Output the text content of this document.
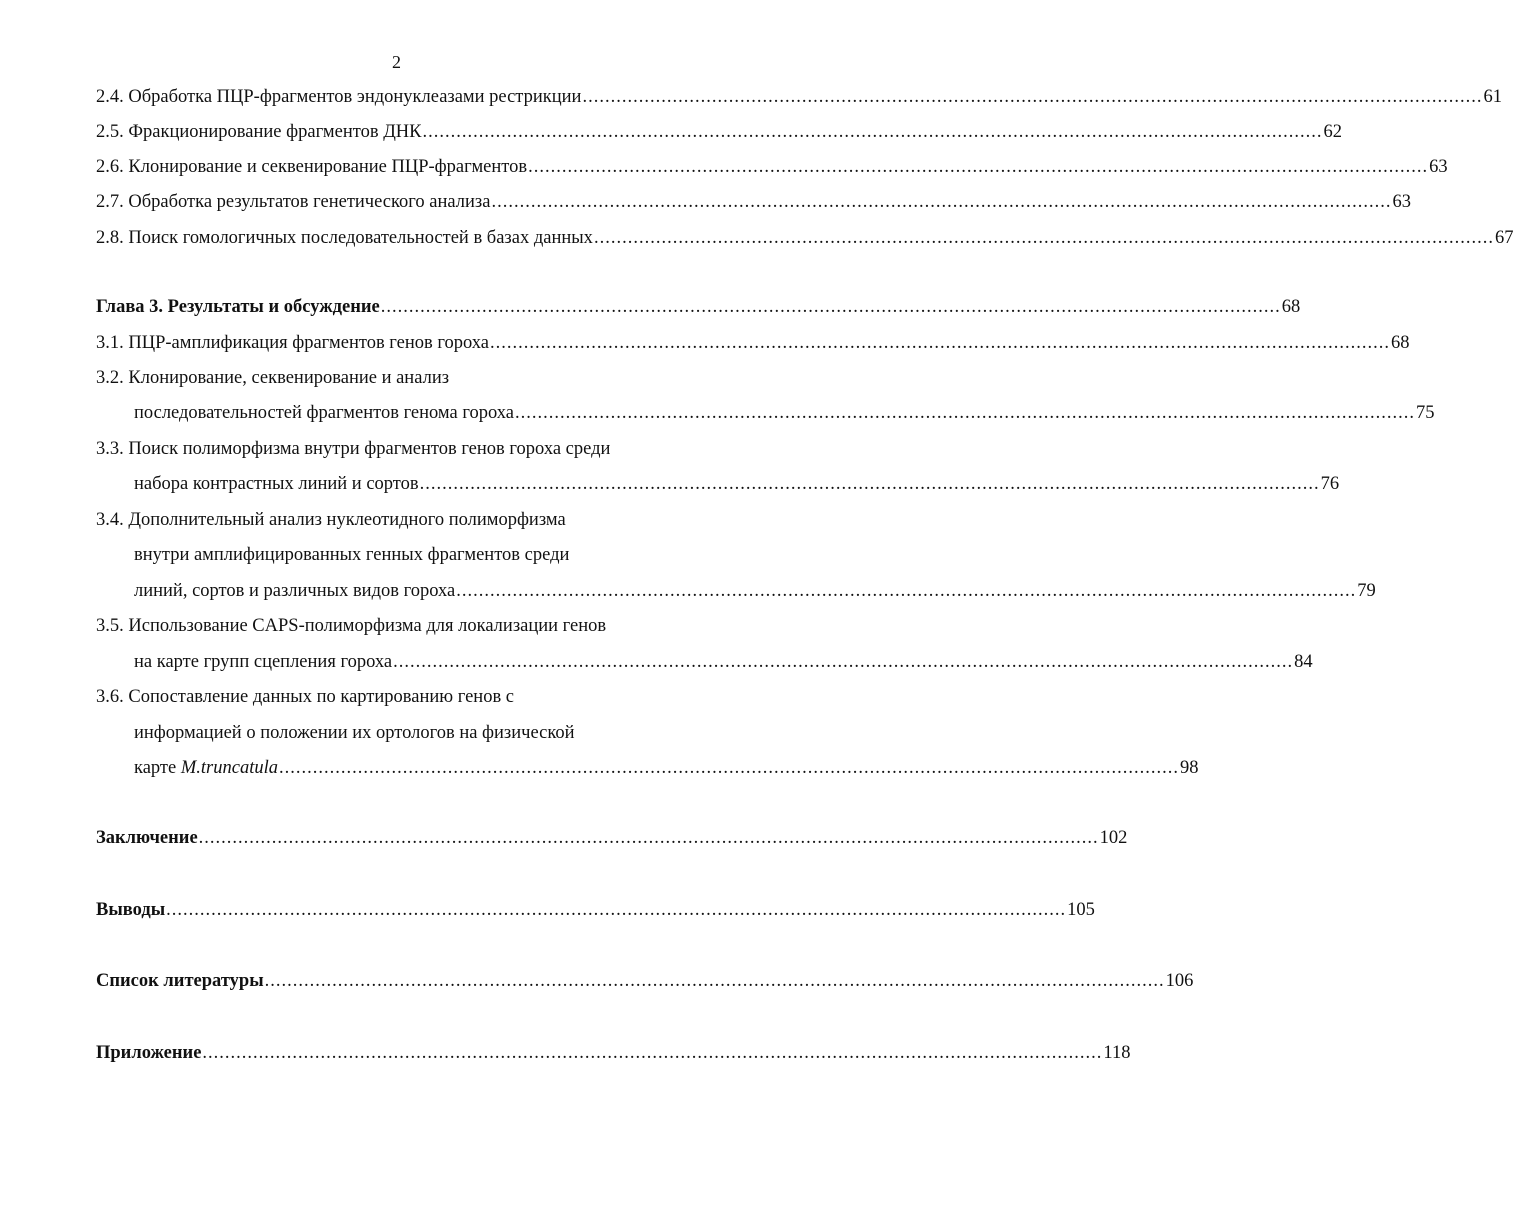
2
2.4. Обработка ПЦР-фрагментов эндонуклеазами рестрикции ................................................................................................................................................................ 61
2.5. Фракционирование фрагментов ДНК ................................................................................................................................................................ 62
2.6. Клонирование и секвенирование ПЦР-фрагментов ................................................................................................................................................................ 63
2.7. Обработка результатов генетического анализа ................................................................................................................................................................ 63
2.8. Поиск гомологичных последовательностей в базах данных ................................................................................................................................................................ 67
Глава 3. Результаты и обсуждение ................................................................................................................................................................ 68
3.1. ПЦР-амплификация фрагментов генов гороха ................................................................................................................................................................ 68
3.2. Клонирование, секвенирование и анализ
последовательностей фрагментов генома гороха ................................................................................................................................................................ 75
3.3. Поиск полиморфизма внутри фрагментов генов гороха среди
набора контрастных линий и сортов ................................................................................................................................................................ 76
3.4. Дополнительный анализ нуклеотидного полиморфизма
внутри амплифицированных генных фрагментов среди
линий, сортов и различных видов гороха ................................................................................................................................................................ 79
3.5. Использование CAPS-полиморфизма для локализации генов
на карте групп сцепления гороха ................................................................................................................................................................ 84
3.6. Сопоставление данных по картированию генов с
информацией о положении их ортологов на физической
карте M.truncatula ................................................................................................................................................................ 98
Заключение ................................................................................................................................................................ 102
Выводы ................................................................................................................................................................ 105
Список литературы ................................................................................................................................................................ 106
Приложение ................................................................................................................................................................ 118
